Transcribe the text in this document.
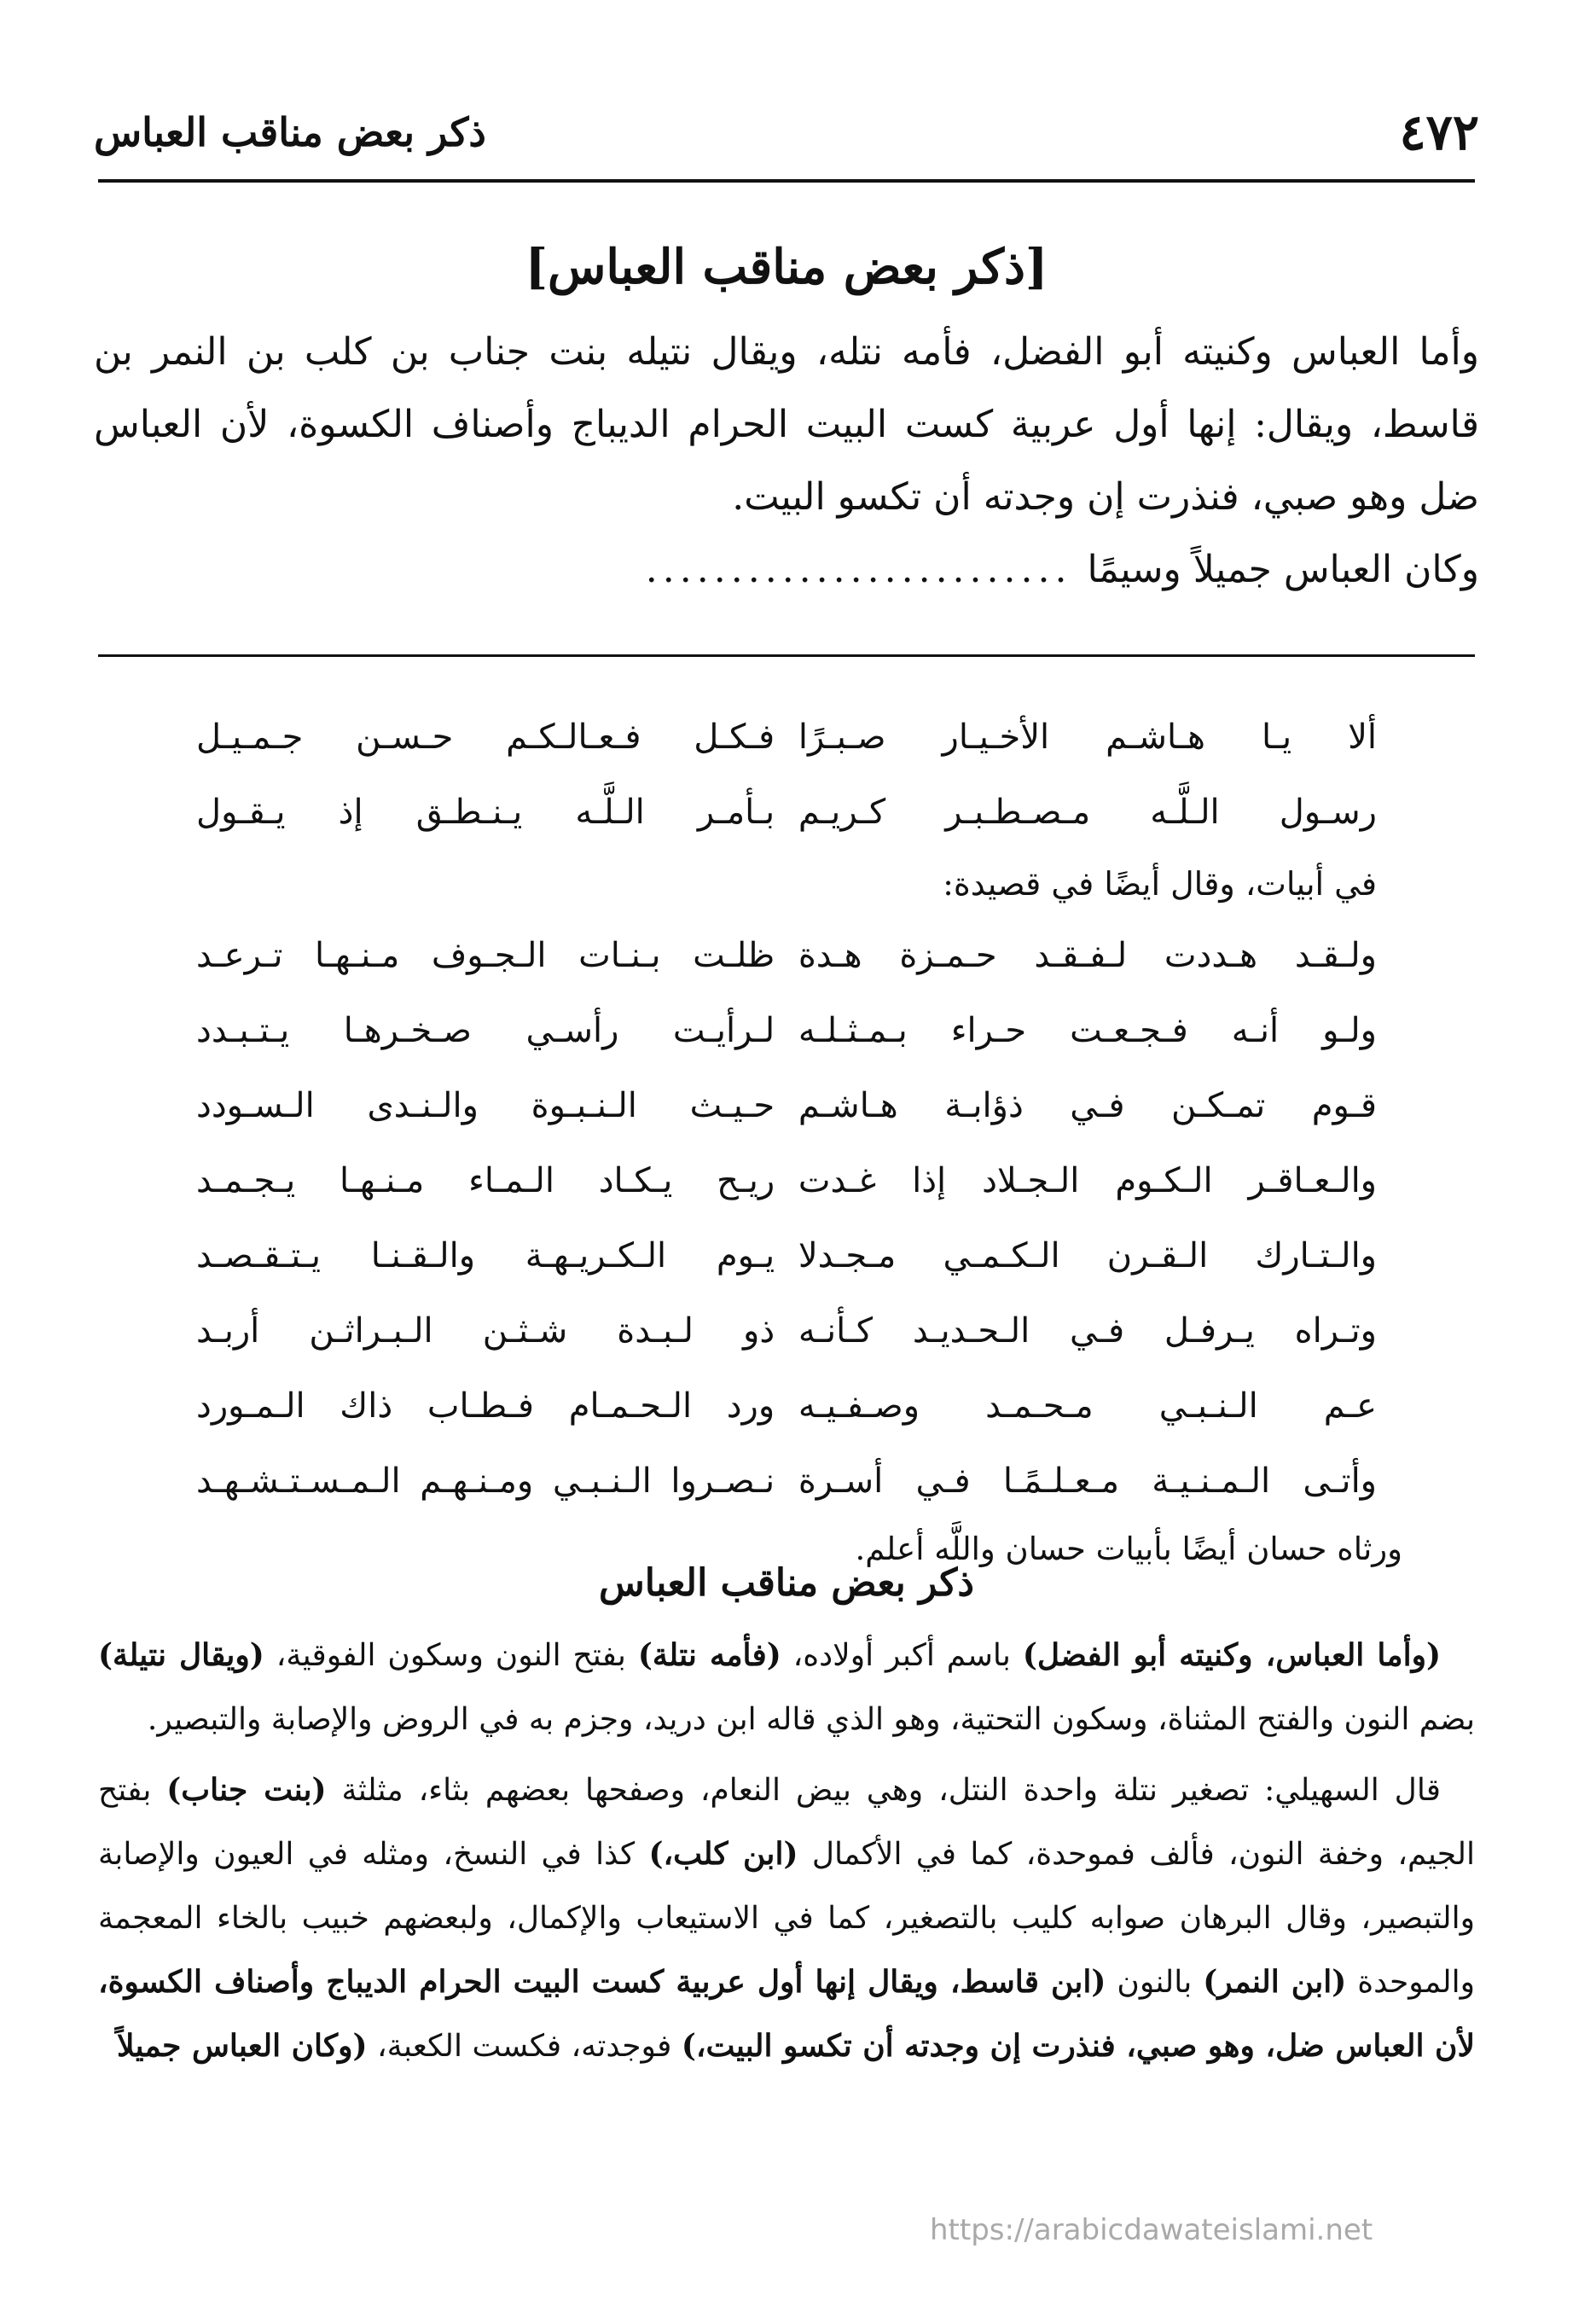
٤٧٢
ذكر بعض مناقب العباس
[ذكر بعض مناقب العباس]

وأما العباس وكنيته أبو الفضل، فأمه نتله، ويقال نتيله بنت جناب بن كلب بن النمر بن قاسط، ويقال: إنها أول عربية كست البيت الحرام الديباج وأصناف الكسوة، لأن العباس ضل وهو صبي، فنذرت إن وجدته أن تكسو البيت.

وكان العباس جميلاً وسيمًا
.........................
ألا يـا هـاشـم الأخـيـار صـبـرًا
فـكـل فـعـالـكـم حـسـن جـمـيـل
رسـول الـلَّـه مـصـطـبـر كـريـم
بـأمـر الـلَّـه يـنـطـق إذ يـقـول
في أبيات، وقال أيضًا في قصيدة:
ولـقـد هـددت لـفـقـد حـمـزة هـدة
ظلـت بـنـات الـجـوف مـنـهـا تـرعـد
ولـو أنـه فـجـعـت حـراء بـمـثـلـه
لـرأيـت رأسـي صـخـرهـا يـتـبـدد
قـوم تمـكـن فـي ذؤابـة هـاشـم
حـيـث الـنـبـوة والـنـدى الـسـودد
والـعـاقـر الـكـوم الـجـلاد إذا غـدت
ريـح يـكـاد الـمـاء مـنـهـا يـجـمـد
والـتـارك الـقـرن الـكـمـي مـجـدلا
يـوم الـكـريـهـة والـقـنـا يـتـقـصـد
وتـراه يـرفـل فـي الـحـديـد كـأنـه
ذو لـبـدة شـثـن الـبـراثـن أربـد
عـم الـنـبـي مـحـمـد وصـفـيـه
ورد الـحـمـام فـطـاب ذاك الـمـورد
وأتـى الـمـنـيـة مـعـلـمًـا فـي أسـرة
نـصـروا الـنـبـي ومـنـهـم الـمـسـتـشـهـد
ورثاه حسان أيضًا بأبيات حسان واللَّه أعلم.
ذكر بعض مناقب العباس

(وأما العباس، وكنيته أبو الفضل) باسم أكبر أولاده، (فأمه نتلة) بفتح النون وسكون الفوقية، (ويقال نتيلة) بضم النون والفتح المثناة، وسكون التحتية، وهو الذي قاله ابن دريد، وجزم به في الروض والإصابة والتبصير.

قال السهيلي: تصغير نتلة واحدة النتل، وهي بيض النعام، وصفحها بعضهم بثاء، مثلثة (بنت جناب) بفتح الجيم، وخفة النون، فألف فموحدة، كما في الأكمال (ابن كلب،) كذا في النسخ، ومثله في العيون والإصابة والتبصير، وقال البرهان صوابه كليب بالتصغير، كما في الاستيعاب والإكمال، ولبعضهم خبيب بالخاء المعجمة والموحدة (ابن النمر) بالنون (ابن قاسط، ويقال إنها أول عربية كست البيت الحرام الديباج وأصناف الكسوة، لأن العباس ضل، وهو صبي، فنذرت إن وجدته أن تكسو البيت،) فوجدته، فكست الكعبة، (وكان العباس جميلاً

https://arabicdawateislami.net
